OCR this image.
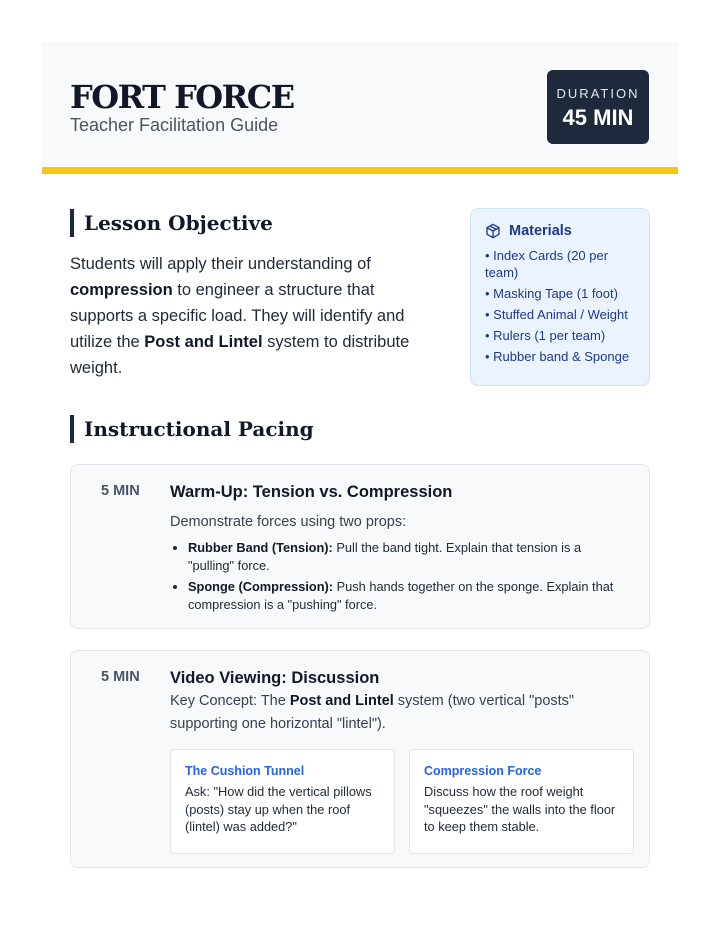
FORT FORCE
Teacher Facilitation Guide
DURATION
45 MIN
Lesson Objective

Students will apply their understanding of compression to engineer a structure that supports a specific load. They will identify and utilize the Post and Lintel system to distribute weight.

Materials
• Index Cards (20 per team)
• Masking Tape (1 foot)
• Stuffed Animal / Weight
• Rulers (1 per team)
• Rubber band & Sponge
Instructional Pacing
5 MIN Warm-Up: Tension vs. Compression
Demonstrate forces using two props:
• Rubber Band (Tension): Pull the band tight. Explain that tension is a "pulling" force.
• Sponge (Compression): Push hands together on the sponge. Explain that compression is a "pushing" force.
5 MIN Video Viewing: Discussion
Key Concept: The Post and Lintel system (two vertical "posts" supporting one horizontal "lintel").
The Cushion Tunnel
Ask: "How did the vertical pillows (posts) stay up when the roof (lintel) was added?"
Compression Force
Discuss how the roof weight "squeezes" the walls into the floor to keep them stable.
